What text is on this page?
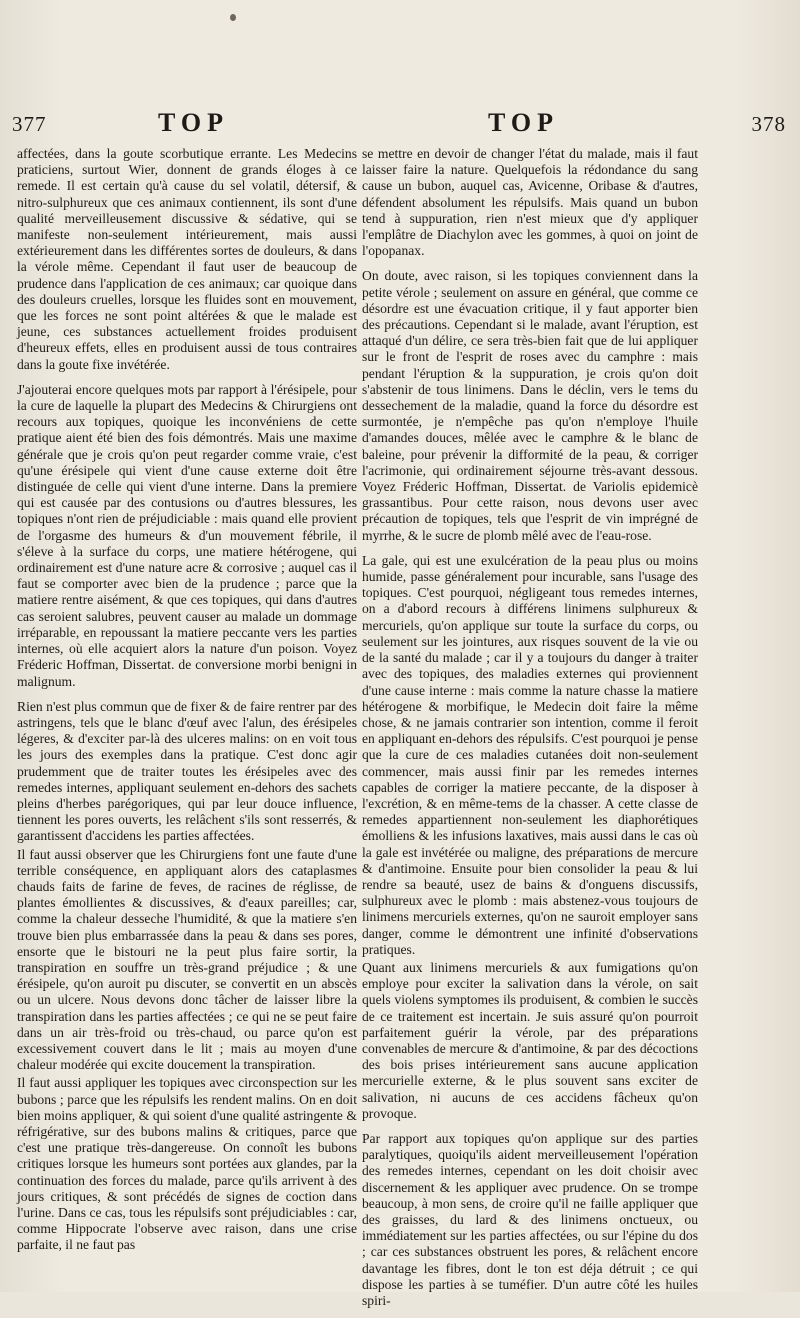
377	TOP	TOP	378

affectées, dans la goute scorbutique errante. Les Medecins praticiens, surtout Wier, donnent de grands éloges à ce remede. Il est certain qu'à cause du sel volatil, détersif, & nitro-sulphureux que ces animaux contiennent, ils sont d'une qualité merveilleusement discussive & sédative, qui se manifeste non-seulement intérieurement, mais aussi extérieurement dans les différentes sortes de douleurs, & dans la vérole même. Cependant il faut user de beaucoup de prudence dans l'application de ces animaux; car quoique dans des douleurs cruelles, lorsque les fluides sont en mouvement, que les forces ne sont point altérées & que le malade est jeune, ces substances actuellement froides produisent d'heureux effets, elles en produisent aussi de tous contraires dans la goute fixe invétérée.

J'ajouterai encore quelques mots par rapport à l'érésipele, pour la cure de laquelle la plupart des Medecins & Chirurgiens ont recours aux topiques, quoique les inconvéniens de cette pratique aient été bien des fois démontrés. Mais une maxime générale que je crois qu'on peut regarder comme vraie, c'est qu'une érésipele qui vient d'une cause externe doit être distinguée de celle qui vient d'une interne. Dans la premiere qui est causée par des contusions ou d'autres blessures, les topiques n'ont rien de préjudiciable : mais quand elle provient de l'orgasme des humeurs & d'un mouvement fébrile, il s'éleve à la surface du corps, une matiere hétérogene, qui ordinairement est d'une nature acre & corrosive ; auquel cas il faut se comporter avec bien de la prudence ; parce que la matiere rentre aisément, & que ces topiques, qui dans d'autres cas seroient salubres, peuvent causer au malade un dommage irréparable, en repoussant la matiere peccante vers les parties internes, où elle acquiert alors la nature d'un poison. Voyez Fréderic Hoffman, Dissertat. de conversione morbi benigni in malignum.

Rien n'est plus commun que de fixer & de faire rentrer par des astringens, tels que le blanc d'œuf avec l'alun, des érésipeles légeres, & d'exciter par-là des ulceres malins: on en voit tous les jours des exemples dans la pratique. C'est donc agir prudemment que de traiter toutes les érésipeles avec des remedes internes, appliquant seulement en-dehors des sachets pleins d'herbes parégoriques, qui par leur douce influence, tiennent les pores ouverts, les relâchent s'ils sont resserrés, & garantissent d'accidens les parties affectées.

Il faut aussi observer que les Chirurgiens font une faute d'une terrible conséquence, en appliquant alors des cataplasmes chauds faits de farine de feves, de racines de réglisse, de plantes émollientes & discussives, & d'eaux pareilles; car, comme la chaleur desseche l'humidité, & que la matiere s'en trouve bien plus embarrassée dans la peau & dans ses pores, ensorte que le bistouri ne la peut plus faire sortir, la transpiration en souffre un très-grand préjudice ; & une érésipele, qu'on auroit pu discuter, se convertit en un abscès ou un ulcere. Nous devons donc tâcher de laisser libre la transpiration dans les parties affectées ; ce qui ne se peut faire dans un air très-froid ou très-chaud, ou parce qu'on est excessivement couvert dans le lit ; mais au moyen d'une chaleur modérée qui excite doucement la transpiration.

Il faut aussi appliquer les topiques avec circonspection sur les bubons ; parce que les répulsifs les rendent malins. On en doit bien moins appliquer, & qui soient d'une qualité astringente & réfrigérative, sur des bubons malins & critiques, parce que c'est une pratique très-dangereuse. On connoît les bubons critiques lorsque les humeurs sont portées aux glandes, par la continuation des forces du malade, parce qu'ils arrivent à des jours critiques, & sont précédés de signes de coction dans l'urine. Dans ce cas, tous les répulsifs sont préjudiciables : car, comme Hippocrate l'observe avec raison, dans une crise parfaite, il ne faut pas

se mettre en devoir de changer l'état du malade, mais il faut laisser faire la nature. Quelquefois la rédondance du sang cause un bubon, auquel cas, Avicenne, Oribase & d'autres, défendent absolument les répulsifs. Mais quand un bubon tend à suppuration, rien n'est mieux que d'y appliquer l'emplâtre de Diachylon avec les gommes, à quoi on joint de l'opopanax.

On doute, avec raison, si les topiques conviennent dans la petite vérole ; seulement on assure en général, que comme ce désordre est une évacuation critique, il y faut apporter bien des précautions. Cependant si le malade, avant l'éruption, est attaqué d'un délire, ce sera très-bien fait que de lui appliquer sur le front de l'esprit de roses avec du camphre : mais pendant l'éruption & la suppuration, je crois qu'on doit s'abstenir de tous linimens. Dans le déclin, vers le tems du dessechement de la maladie, quand la force du désordre est surmontée, je n'empêche pas qu'on n'employe l'huile d'amandes douces, mêlée avec le camphre & le blanc de baleine, pour prévenir la difformité de la peau, & corriger l'acrimonie, qui ordinairement séjourne très-avant dessous. Voyez Fréderic Hoffman, Dissertat. de Variolis epidemicè grassantibus. Pour cette raison, nous devons user avec précaution de topiques, tels que l'esprit de vin imprégné de myrrhe, & le sucre de plomb mêlé avec de l'eau-rose.

La gale, qui est une exulcération de la peau plus ou moins humide, passe généralement pour incurable, sans l'usage des topiques. C'est pourquoi, négligeant tous remedes internes, on a d'abord recours à différens linimens sulphureux & mercuriels, qu'on applique sur toute la surface du corps, ou seulement sur les jointures, aux risques souvent de la vie ou de la santé du malade ; car il y a toujours du danger à traiter avec des topiques, des maladies externes qui proviennent d'une cause interne : mais comme la nature chasse la matiere hétérogene & morbifique, le Medecin doit faire la même chose, & ne jamais contrarier son intention, comme il feroit en appliquant en-dehors des répulsifs. C'est pourquoi je pense que la cure de ces maladies cutanées doit non-seulement commencer, mais aussi finir par les remedes internes capables de corriger la matiere peccante, de la disposer à l'excrétion, & en même-tems de la chasser. A cette classe de remedes appartiennent non-seulement les diaphorétiques émolliens & les infusions laxatives, mais aussi dans le cas où la gale est invétérée ou maligne, des préparations de mercure & d'antimoine. Ensuite pour bien consolider la peau & lui rendre sa beauté, usez de bains & d'onguens discussifs, sulphureux avec le plomb : mais abstenez-vous toujours de linimens mercuriels externes, qu'on ne sauroit employer sans danger, comme le démontrent une infinité d'observations pratiques.

Quant aux linimens mercuriels & aux fumigations qu'on employe pour exciter la salivation dans la vérole, on sait quels violens symptomes ils produisent, & combien le succès de ce traitement est incertain. Je suis assuré qu'on pourroit parfaitement guérir la vérole, par des préparations convenables de mercure & d'antimoine, & par des décoctions des bois prises intérieurement sans aucune application mercurielle externe, & le plus souvent sans exciter de salivation, ni aucuns de ces accidens fâcheux qu'on provoque.

Par rapport aux topiques qu'on applique sur des parties paralytiques, quoiqu'ils aident merveilleusement l'opération des remedes internes, cependant on les doit choisir avec discernement & les appliquer avec prudence. On se trompe beaucoup, à mon sens, de croire qu'il ne faille appliquer que des graisses, du lard & des linimens onctueux, ou immédiatement sur les parties affectées, ou sur l'épine du dos ; car ces substances obstruent les pores, & relâchent encore davantage les fibres, dont le ton est déja détruit ; ce qui dispose les parties à se tuméfier. D'un autre côté les huiles spiri-
